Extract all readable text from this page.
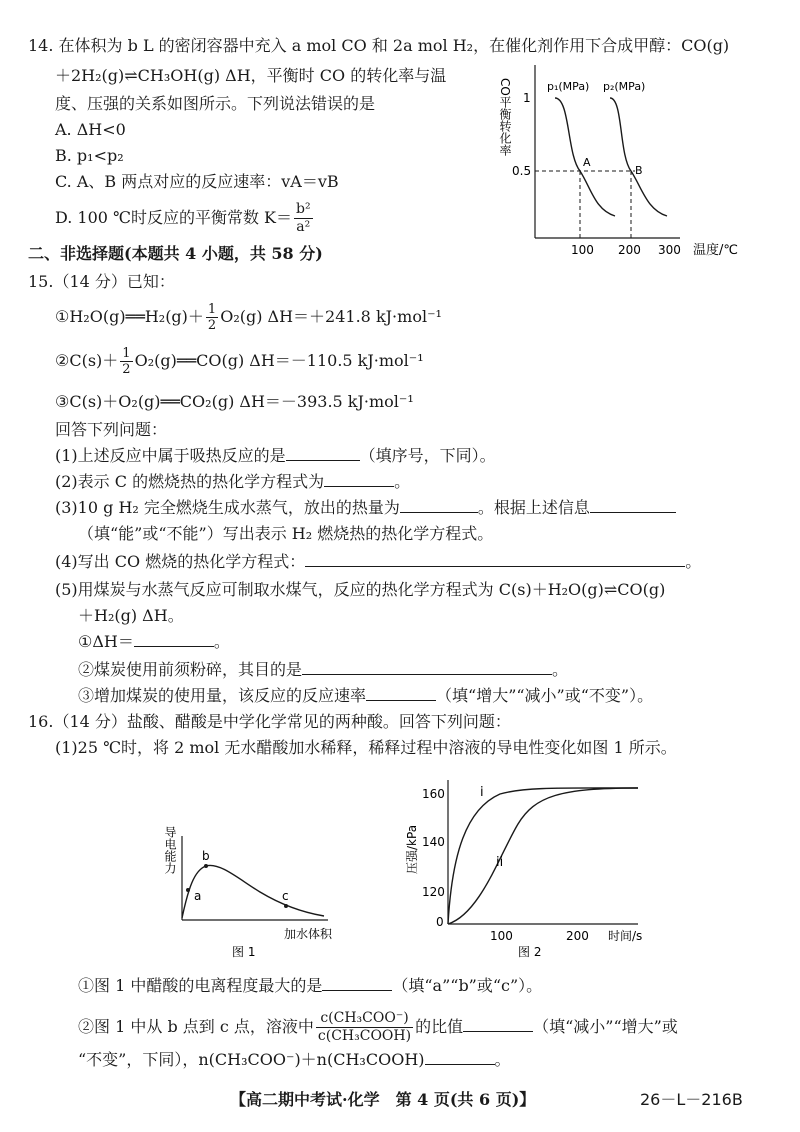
14. 在体积为 b L 的密闭容器中充入 a mol CO 和 2a mol H₂，在催化剂作用下合成甲醇：CO(g)
＋2H₂(g)⇌CH₃OH(g) ΔH，平衡时 CO 的转化率与温
度、压强的关系如图所示。下列说法错误的是
A. ΔH<0
B. p₁<p₂
C. A、B 两点对应的反应速率：vA＝vB
D. 100 ℃时反应的平衡常数 $K= \frac{\text{b²}}{\text{a²}}$
CO平衡转化率 1
0.5
p₁(MPa) p₂(MPa)
A
B
100 200 300 温度/℃
二、非选择题(本题共 4 小题，共 58 分)
15.（14 分）已知：
①H₂O(g)══H₂(g)＋ $\frac{1}{2} O_2(g)$ ΔH＝＋241.8 kJ·mol⁻¹
②C(s)＋ $\frac{1}{2}$ O₂(g)══CO(g) ΔH＝－110.5 kJ·mol⁻¹
③C(s)＋O₂(g)══CO₂(g) ΔH＝－393.5 kJ·mol⁻¹
回答下列问题：
(1)上述反应中属于吸热反应的是	（填序号，下同）。
(2)表示 C 的燃烧热的热化学方程式为	。
(3)10 g H₂ 完全燃烧生成水蒸气，放出的热量为	。根据上述信息
（填“能”或“不能”）写出表示 H₂ 燃烧热的热化学方程式。
(4)写出 CO 燃烧的热化学方程式：	。
(5)用煤炭与水蒸气反应可制取水煤气，反应的热化学方程式为 C(s)＋H₂O(g)⇌CO(g)
＋H₂(g) ΔH。
①ΔH＝	。
②煤炭使用前须粉碎，其目的是	。
③增加煤炭的使用量，该反应的反应速率	（填“增大”“减小”或“不变”）。
16.（14 分）盐酸、醋酸是中学化学常见的两种酸。回答下列问题：
(1)25 ℃时，将 2 mol 无水醋酸加水稀释，稀释过程中溶液的导电性变化如图 1 所示。
导电能力
a
b
c
加水体积
图 1
压强/kPa
160
140
120
0
i
ii
100	200 时间/s
图 2
①图 1 中醋酸的电离程度最大的是	（填“a”“b”或“c”）。
②图 1 中从 b 点到 c 点，溶液中 $\frac{\text{c(CH₃COO⁻)}}{\text{c(CH₃COOH)}}$ 的比值	（填“减小”“增大”或
“不变”，下同），n(CH₃COO⁻)＋n(CH₃COOH)	。
【高二期中考试·化学　第 4 页(共 6 页)】	26－L－216B
